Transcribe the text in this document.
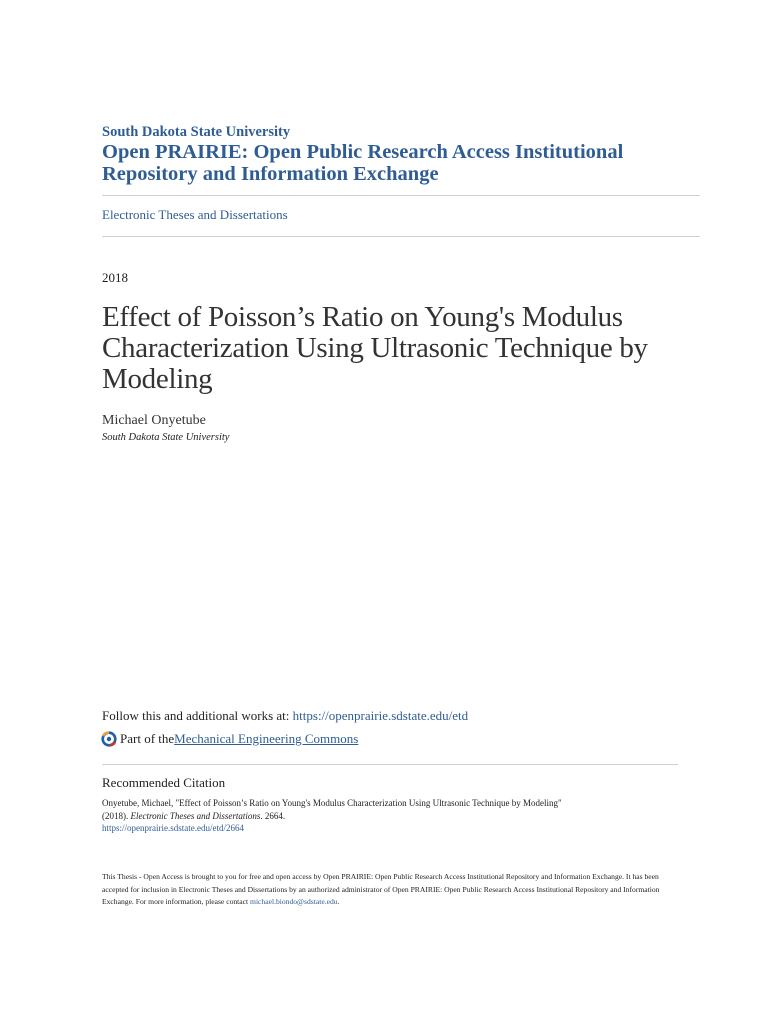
South Dakota State University
Open PRAIRIE: Open Public Research Access Institutional Repository and Information Exchange
Electronic Theses and Dissertations
2018
Effect of Poisson’s Ratio on Young's Modulus Characterization Using Ultrasonic Technique by Modeling
Michael Onyetube
South Dakota State University
Follow this and additional works at: https://openprairie.sdstate.edu/etd
Part of the Mechanical Engineering Commons
Recommended Citation
Onyetube, Michael, "Effect of Poisson’s Ratio on Young's Modulus Characterization Using Ultrasonic Technique by Modeling"
(2018). Electronic Theses and Dissertations. 2664.
https://openprairie.sdstate.edu/etd/2664
This Thesis - Open Access is brought to you for free and open access by Open PRAIRIE: Open Public Research Access Institutional Repository and Information Exchange. It has been accepted for inclusion in Electronic Theses and Dissertations by an authorized administrator of Open PRAIRIE: Open Public Research Access Institutional Repository and Information Exchange. For more information, please contact michael.biondo@sdstate.edu.
